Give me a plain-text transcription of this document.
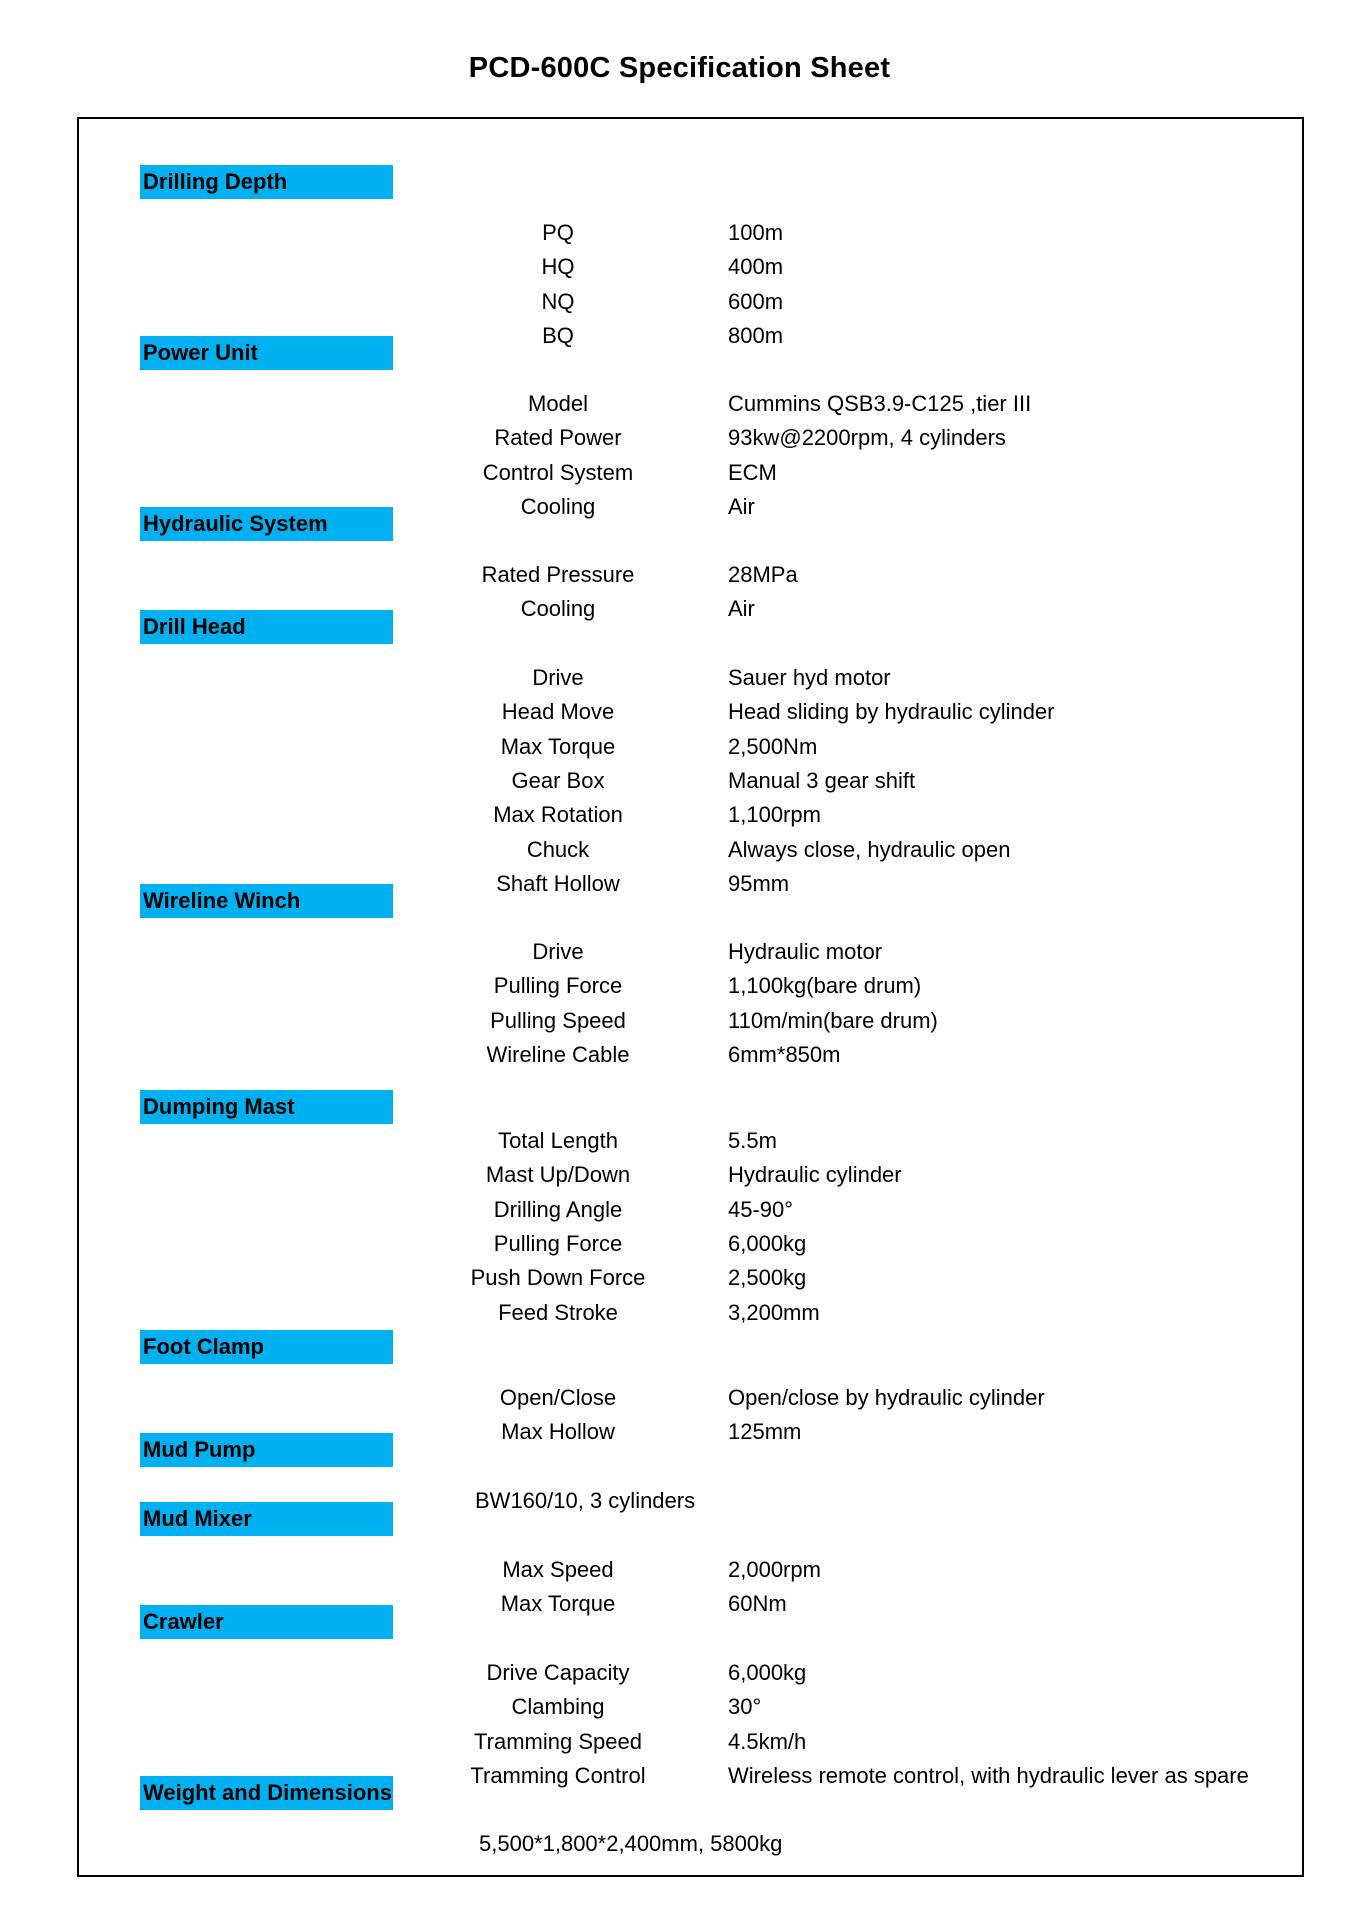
PCD-600C Specification Sheet
Drilling Depth
PQ	100m
HQ	400m
NQ	600m
BQ	800m
Power Unit
Model	Cummins QSB3.9-C125 ,tier III
Rated Power	93kw@2200rpm, 4 cylinders
Control System	ECM
Cooling	Air
Hydraulic System
Rated Pressure	28MPa
Cooling	Air
Drill Head
Drive	Sauer hyd motor
Head Move	Head sliding by hydraulic cylinder
Max Torque	2,500Nm
Gear Box	Manual 3 gear shift
Max Rotation	1,100rpm
Chuck	Always close, hydraulic open
Shaft Hollow	95mm
Wireline Winch
Drive	Hydraulic motor
Pulling Force	1,100kg(bare drum)
Pulling Speed	110m/min(bare drum)
Wireline Cable	6mm*850m
Dumping Mast
Total Length	5.5m
Mast Up/Down	Hydraulic cylinder
Drilling Angle	45-90°
Pulling Force	6,000kg
Push Down Force	2,500kg
Feed Stroke	3,200mm
Foot Clamp
Open/Close	Open/close by hydraulic cylinder
Max Hollow	125mm
Mud Pump
BW160/10, 3 cylinders
Mud Mixer
Max Speed	2,000rpm
Max Torque	60Nm
Crawler
Drive Capacity	6,000kg
Clambing	30°
Tramming Speed	4.5km/h
Tramming Control	Wireless remote control, with hydraulic lever as spare
Weight and Dimensions
5,500*1,800*2,400mm, 5800kg
